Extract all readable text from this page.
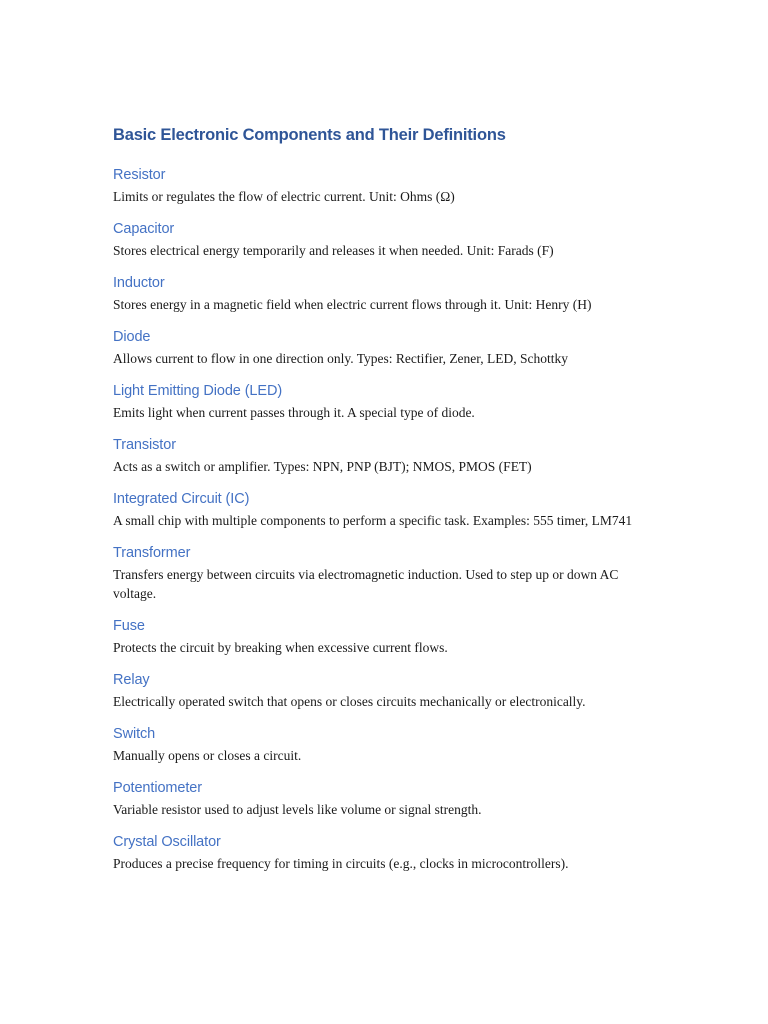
Basic Electronic Components and Their Definitions
Resistor

Limits or regulates the flow of electric current. Unit: Ohms (Ω)

Capacitor

Stores electrical energy temporarily and releases it when needed. Unit: Farads (F)

Inductor

Stores energy in a magnetic field when electric current flows through it. Unit: Henry (H)

Diode

Allows current to flow in one direction only. Types: Rectifier, Zener, LED, Schottky

Light Emitting Diode (LED)

Emits light when current passes through it. A special type of diode.

Transistor

Acts as a switch or amplifier. Types: NPN, PNP (BJT); NMOS, PMOS (FET)

Integrated Circuit (IC)

A small chip with multiple components to perform a specific task. Examples: 555 timer, LM741

Transformer

Transfers energy between circuits via electromagnetic induction. Used to step up or down AC voltage.

Fuse

Protects the circuit by breaking when excessive current flows.

Relay

Electrically operated switch that opens or closes circuits mechanically or electronically.

Switch

Manually opens or closes a circuit.

Potentiometer

Variable resistor used to adjust levels like volume or signal strength.

Crystal Oscillator

Produces a precise frequency for timing in circuits (e.g., clocks in microcontrollers).
